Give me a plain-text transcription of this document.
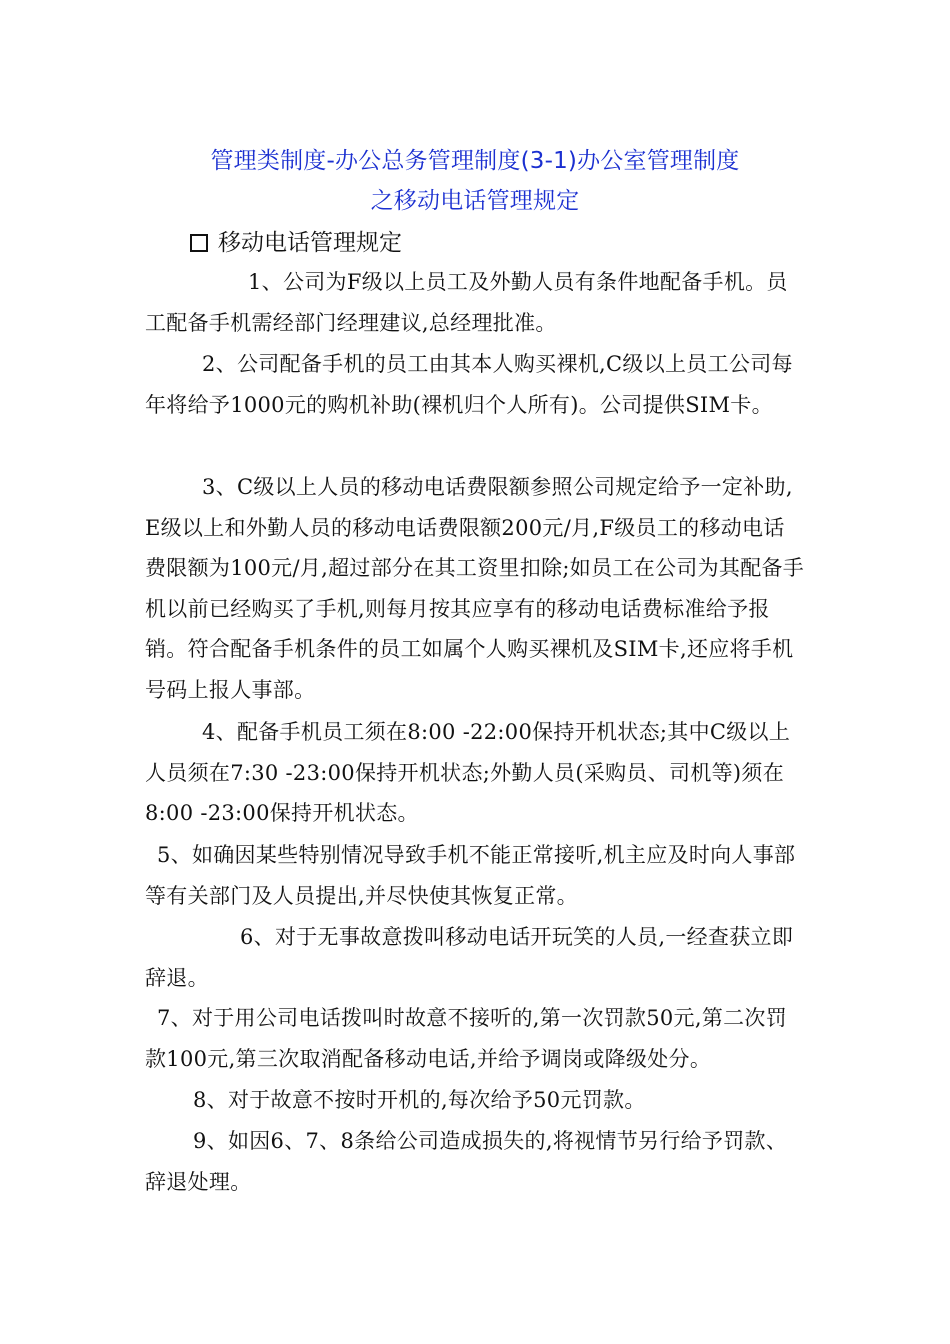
管理类制度-办公总务管理制度(3-1)办公室管理制度
之移动电话管理规定
移动电话管理规定
1、公司为F级以上员工及外勤人员有条件地配备手机。员工配备手机需经部门经理建议,总经理批准。
2、公司配备手机的员工由其本人购买裸机,C级以上员工公司每年将给予1000元的购机补助(裸机归个人所有)。公司提供SIM卡。
3、C级以上人员的移动电话费限额参照公司规定给予一定补助,E级以上和外勤人员的移动电话费限额200元/月,F级员工的移动电话费限额为100元/月,超过部分在其工资里扣除;如员工在公司为其配备手机以前已经购买了手机,则每月按其应享有的移动电话费标准给予报销。符合配备手机条件的员工如属个人购买裸机及SIM卡,还应将手机号码上报人事部。
4、配备手机员工须在8:00 -22:00保持开机状态;其中C级以上人员须在7:30 -23:00保持开机状态;外勤人员(采购员、司机等)须在8:00 -23:00保持开机状态。
5、如确因某些特别情况导致手机不能正常接听,机主应及时向人事部等有关部门及人员提出,并尽快使其恢复正常。
6、对于无事故意拨叫移动电话开玩笑的人员,一经查获立即辞退。
7、对于用公司电话拨叫时故意不接听的,第一次罚款50元,第二次罚款100元,第三次取消配备移动电话,并给予调岗或降级处分。
8、对于故意不按时开机的,每次给予50元罚款。
9、如因6、7、8条给公司造成损失的,将视情节另行给予罚款、辞退处理。
